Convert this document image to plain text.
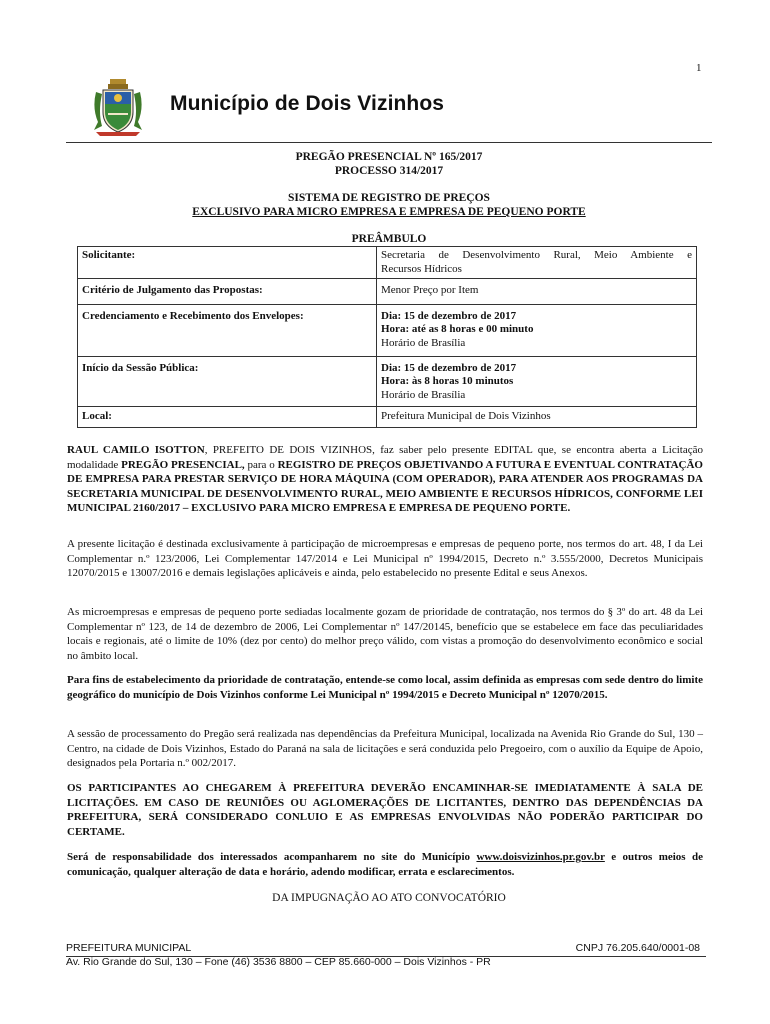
1
Município de Dois Vizinhos
PREGÃO PRESENCIAL Nº 165/2017
PROCESSO 314/2017
SISTEMA DE REGISTRO DE PREÇOS
EXCLUSIVO PARA MICRO EMPRESA E EMPRESA DE PEQUENO PORTE
PREÂMBULO
Solicitante:	Secretaria de Desenvolvimento Rural, Meio Ambiente e
Recursos Hídricos

Critério de Julgamento das Propostas:	Menor Preço por Item
Credenciamento e Recebimento dos Envelopes:	Dia: 15 de dezembro de 2017
Hora: até as 8 horas e 00 minuto
Horário de Brasília

Início da Sessão Pública:	Dia: 15 de dezembro de 2017
Hora: às 8 horas 10 minutos
Horário de Brasília

Local:	Prefeitura Municipal de Dois Vizinhos
RAUL CAMILO ISOTTON, PREFEITO DE DOIS VIZINHOS, faz saber pelo presente EDITAL que, se encontra aberta a Licitação modalidade PREGÃO PRESENCIAL, para o REGISTRO DE PREÇOS OBJETIVANDO A FUTURA E EVENTUAL CONTRATAÇÃO DE EMPRESA PARA PRESTAR SERVIÇO DE HORA MÁQUINA (COM OPERADOR), PARA ATENDER AOS PROGRAMAS DA SECRETARIA MUNICIPAL DE DESENVOLVIMENTO RURAL, MEIO AMBIENTE E RECURSOS HÍDRICOS, CONFORME LEI MUNICIPAL 2160/2017 – EXCLUSIVO PARA MICRO EMPRESA E EMPRESA DE PEQUENO PORTE.
A presente licitação é destinada exclusivamente à participação de microempresas e empresas de pequeno porte, nos termos do art. 48, I da Lei Complementar n.º 123/2006, Lei Complementar 147/2014 e Lei Municipal nº 1994/2015, Decreto n.º 3.555/2000, Decretos Municipais 12070/2015 e 13007/2016 e demais legislações aplicáveis e ainda, pelo estabelecido no presente Edital e seus Anexos.
As microempresas e empresas de pequeno porte sediadas localmente gozam de prioridade de contratação, nos termos do § 3º do art. 48 da Lei Complementar nº 123, de 14 de dezembro de 2006, Lei Complementar nº 147/20145, benefício que se estabelece em face das peculiaridades locais e regionais, até o limite de 10% (dez por cento) do melhor preço válido, com vistas a promoção do desenvolvimento econômico e social no âmbito local.
Para fins de estabelecimento da prioridade de contratação, entende-se como local, assim definida as empresas com sede dentro do limite geográfico do município de Dois Vizinhos conforme Lei Municipal nº 1994/2015 e Decreto Municipal nº 12070/2015.
A sessão de processamento do Pregão será realizada nas dependências da Prefeitura Municipal, localizada na Avenida Rio Grande do Sul, 130 – Centro, na cidade de Dois Vizinhos, Estado do Paraná na sala de licitações e será conduzida pelo Pregoeiro, com o auxílio da Equipe de Apoio, designados pela Portaria n.º 002/2017.
OS PARTICIPANTES AO CHEGAREM À PREFEITURA DEVERÃO ENCAMINHAR-SE IMEDIATAMENTE À SALA DE LICITAÇÕES. EM CASO DE REUNIÕES OU AGLOMERAÇÕES DE LICITANTES, DENTRO DAS DEPENDÊNCIAS DA PREFEITURA, SERÁ CONSIDERADO CONLUIO E AS EMPRESAS ENVOLVIDAS NÃO PODERÃO PARTICIPAR DO CERTAME.
Será de responsabilidade dos interessados acompanharem no site do Município www.doisvizinhos.pr.gov.br e outros meios de comunicação, qualquer alteração de data e horário, adendo modificar, errata e esclarecimentos.
DA IMPUGNAÇÃO AO ATO CONVOCATÓRIO
PREFEITURA MUNICIPAL	CNPJ 76.205.640/0001-08
Av. Rio Grande do Sul, 130 – Fone (46) 3536 8800 – CEP 85.660-000 – Dois Vizinhos - PR
